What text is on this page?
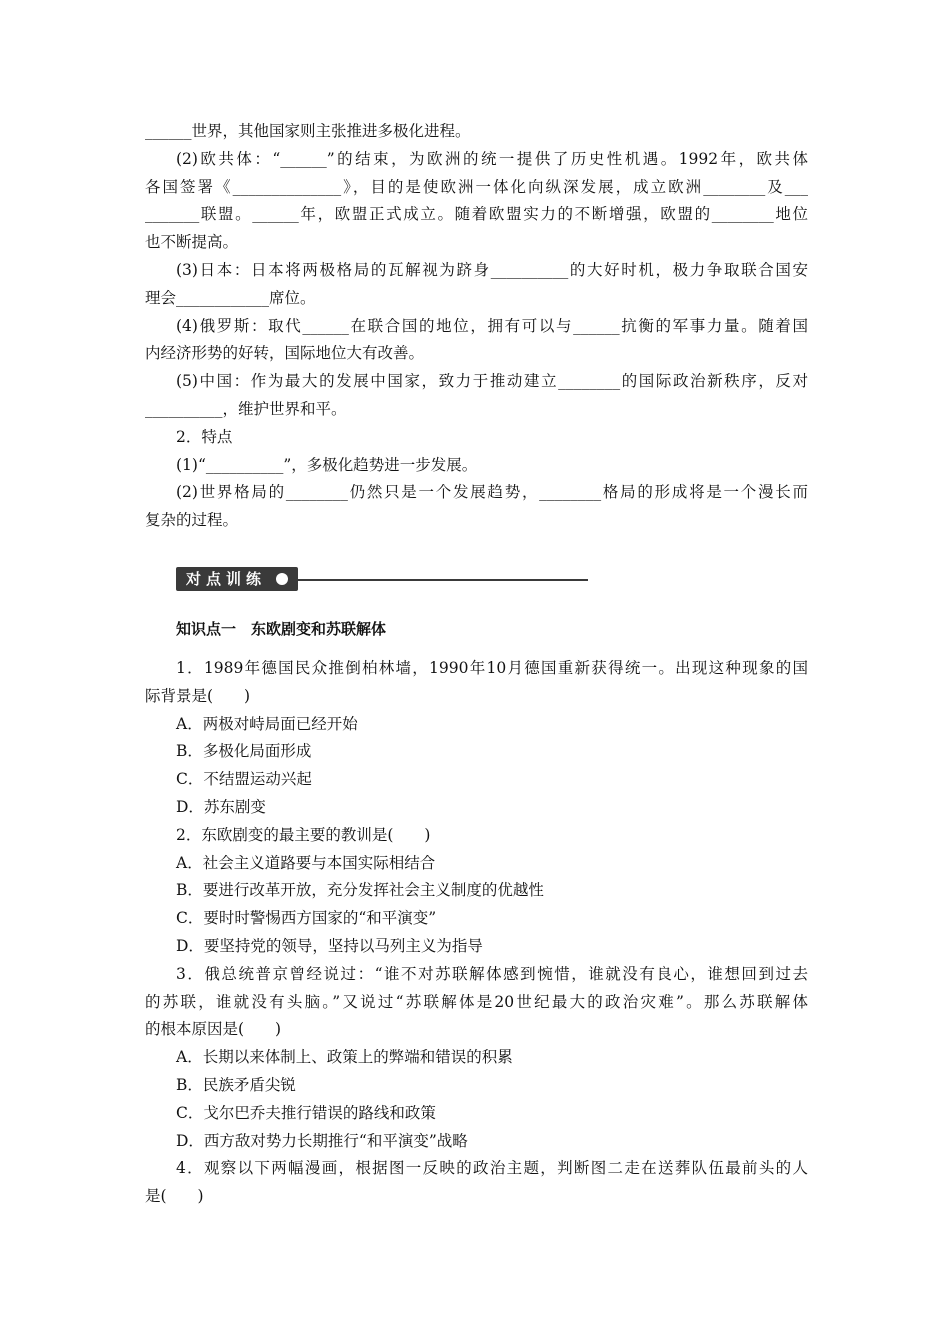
______世界，其他国家则主张推进多极化进程。
(2)欧共体：“______”的结束，为欧洲的统一提供了历史性机遇。1992年，欧共体
各国签署《______________》，目的是使欧洲一体化向纵深发展，成立欧洲________及___
_______联盟。______年，欧盟正式成立。随着欧盟实力的不断增强，欧盟的________地位
也不断提高。
(3)日本：日本将两极格局的瓦解视为跻身__________的大好时机，极力争取联合国安
理会____________席位。
(4)俄罗斯：取代______在联合国的地位，拥有可以与______抗衡的军事力量。随着国
内经济形势的好转，国际地位大有改善。
(5)中国：作为最大的发展中国家，致力于推动建立________的国际政治新秩序，反对
__________，维护世界和平。
2．特点
(1)“__________”，多极化趋势进一步发展。
(2)世界格局的________仍然只是一个发展趋势，________格局的形成将是一个漫长而
复杂的过程。
对点训练
知识点一　东欧剧变和苏联解体
1．1989年德国民众推倒柏林墙，1990年10月德国重新获得统一。出现这种现象的国
际背景是(　　)
A．两极对峙局面已经开始
B．多极化局面形成
C．不结盟运动兴起
D．苏东剧变
2．东欧剧变的最主要的教训是(　　)
A．社会主义道路要与本国实际相结合
B．要进行改革开放，充分发挥社会主义制度的优越性
C．要时时警惕西方国家的“和平演变”
D．要坚持党的领导，坚持以马列主义为指导
3．俄总统普京曾经说过：“谁不对苏联解体感到惋惜，谁就没有良心，谁想回到过去
的苏联，谁就没有头脑。”又说过“苏联解体是20世纪最大的政治灾难”。那么苏联解体
的根本原因是(　　)
A．长期以来体制上、政策上的弊端和错误的积累
B．民族矛盾尖锐
C．戈尔巴乔夫推行错误的路线和政策
D．西方敌对势力长期推行“和平演变”战略
4．观察以下两幅漫画，根据图一反映的政治主题，判断图二走在送葬队伍最前头的人
是(　　)
